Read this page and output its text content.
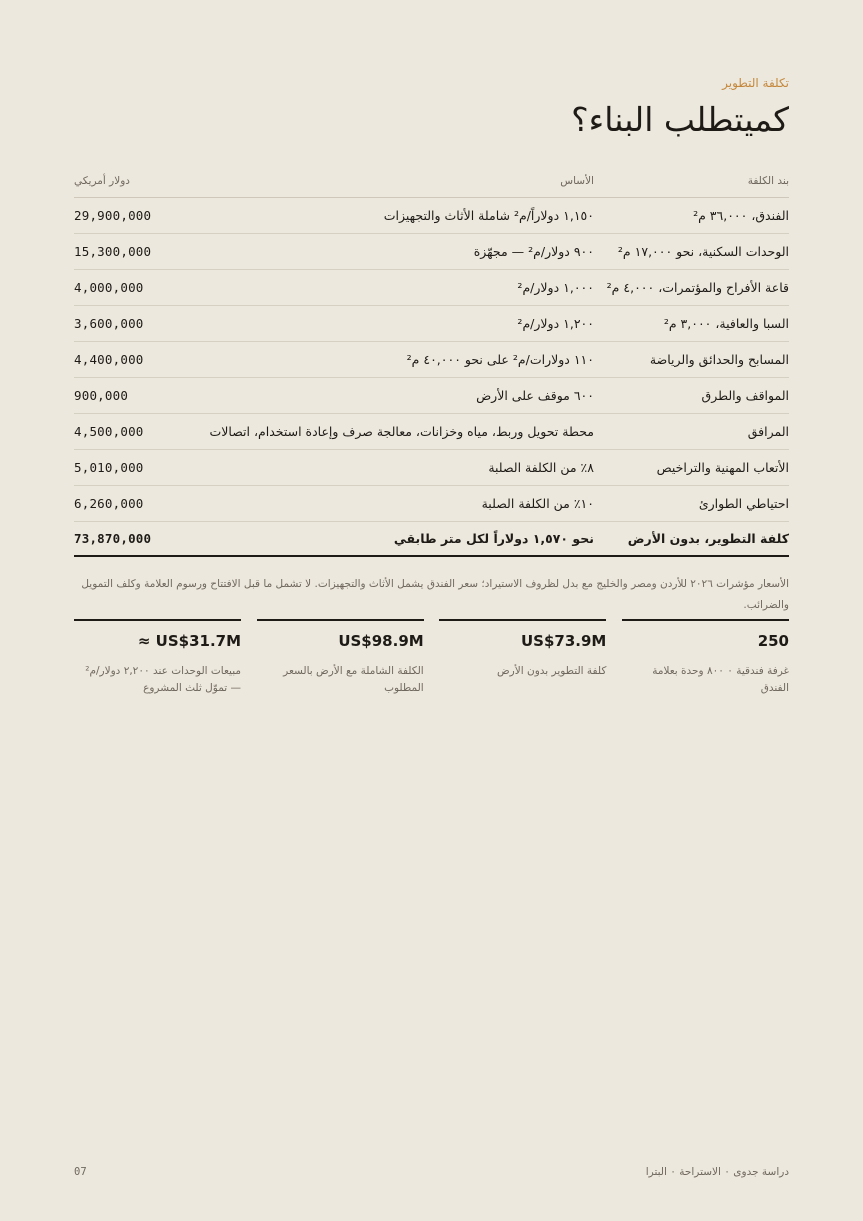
تكلفة التطوير
كميتطلب البناء؟
بند الكلفة	الأساس	دولار أمريكي
الفندق، ٣٦,٠٠٠ م²	١,١٥٠ دولاراً/م² شاملة الأثاث والتجهيزات	29,900,000
الوحدات السكنية، نحو ١٧,٠٠٠ م²	٩٠٠ دولار/م² — مجهّزة	15,300,000
قاعة الأفراح والمؤتمرات، ٤,٠٠٠ م²	١,٠٠٠ دولار/م²	4,000,000
السبا والعافية، ٣,٠٠٠ م²	١,٢٠٠ دولار/م²	3,600,000
المسابح والحدائق والرياضة	١١٠ دولارات/م² على نحو ٤٠,٠٠٠ م²	4,400,000
المواقف والطرق	٦٠٠ موقف على الأرض	900,000
المرافق	محطة تحويل وربط، مياه وخزانات، معالجة صرف وإعادة استخدام، اتصالات	4,500,000
الأتعاب المهنية والتراخيص	٨٪ من الكلفة الصلبة	5,010,000
احتياطي الطوارئ	١٠٪ من الكلفة الصلبة	6,260,000
كلفة التطوير، بدون الأرض	نحو ١,٥٧٠ دولاراً لكل متر طابقي	73,870,000

الأسعار مؤشرات ٢٠٢٦ للأردن ومصر والخليج مع بدل لظروف الاستيراد؛ سعر الفندق يشمل الأثاث والتجهيزات. لا تشمل ما قبل الافتتاح ورسوم العلامة وكلف التمويل والضرائب.

250
غرفة فندقية ٠ ٨٠٠ وحدة بعلامة الفندق
US$73.9M
كلفة التطوير بدون الأرض
US$98.9M
الكلفة الشاملة مع الأرض بالسعر المطلوب
≈ US$31.7M
مبيعات الوحدات عند ٢,٢٠٠ دولار/م² — تموّل ثلث المشروع
دراسة جدوى ٠ الاستراحة ٠ البترا
07
